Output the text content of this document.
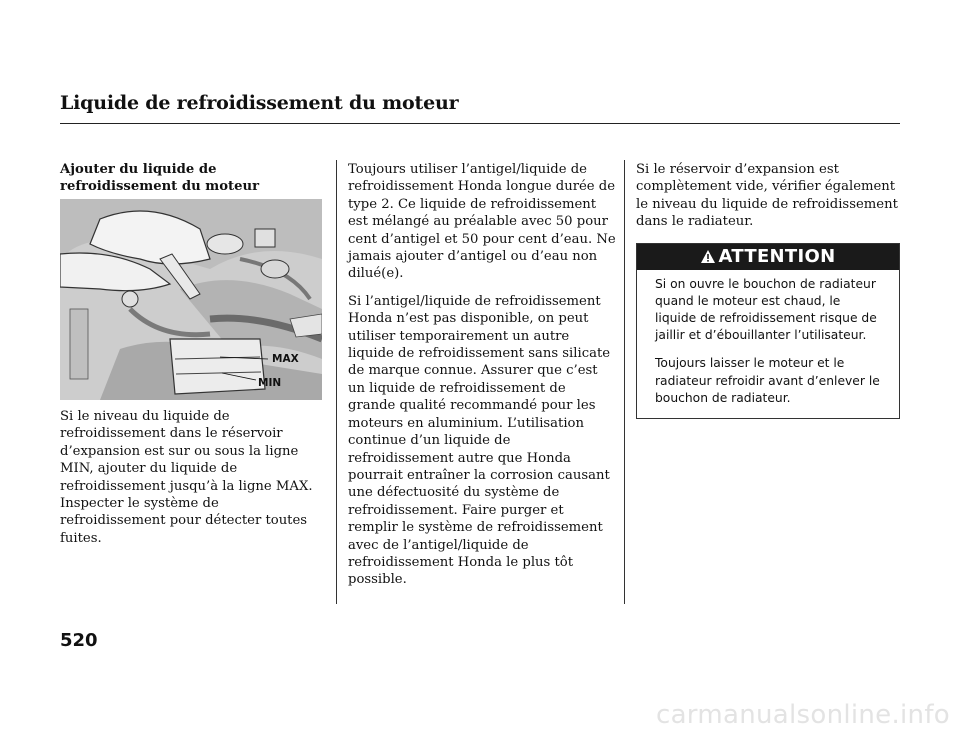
Liquide de refroidissement du moteur
Ajouter du liquide de refroidissement du moteur
MAX
MIN

Si le niveau du liquide de refroidissement dans le réservoir d’expansion est sur ou sous la ligne MIN, ajouter du liquide de refroidissement jusqu’à la ligne MAX. Inspecter le système de refroidissement pour détecter toutes fuites.

Toujours utiliser l’antigel/liquide de refroidissement Honda longue durée de type 2. Ce liquide de refroidissement est mélangé au préalable avec 50 pour cent d’antigel et 50 pour cent d’eau. Ne jamais ajouter d’antigel ou d’eau non dilué(e).

Si l’antigel/liquide de refroidissement Honda n’est pas disponible, on peut utiliser temporairement un autre liquide de refroidissement sans silicate de marque connue. Assurer que c’est un liquide de refroidissement de grande qualité recommandé pour les moteurs en aluminium. L’utilisation continue d’un liquide de refroidissement autre que Honda pourrait entraîner la corrosion causant une défectuosité du système de refroidissement. Faire purger et remplir le système de refroidissement avec de l’antigel/liquide de refroidissement Honda le plus tôt possible.

Si le réservoir d’expansion est complètement vide, vérifier également le niveau du liquide de refroidissement dans le radiateur.

ATTENTION

Si on ouvre le bouchon de radiateur quand le moteur est chaud, le liquide de refroidissement risque de jaillir et d’ébouillanter l’utilisateur.

Toujours laisser le moteur et le radiateur refroidir avant d’enlever le bouchon de radiateur.

520
carmanualsonline.info
